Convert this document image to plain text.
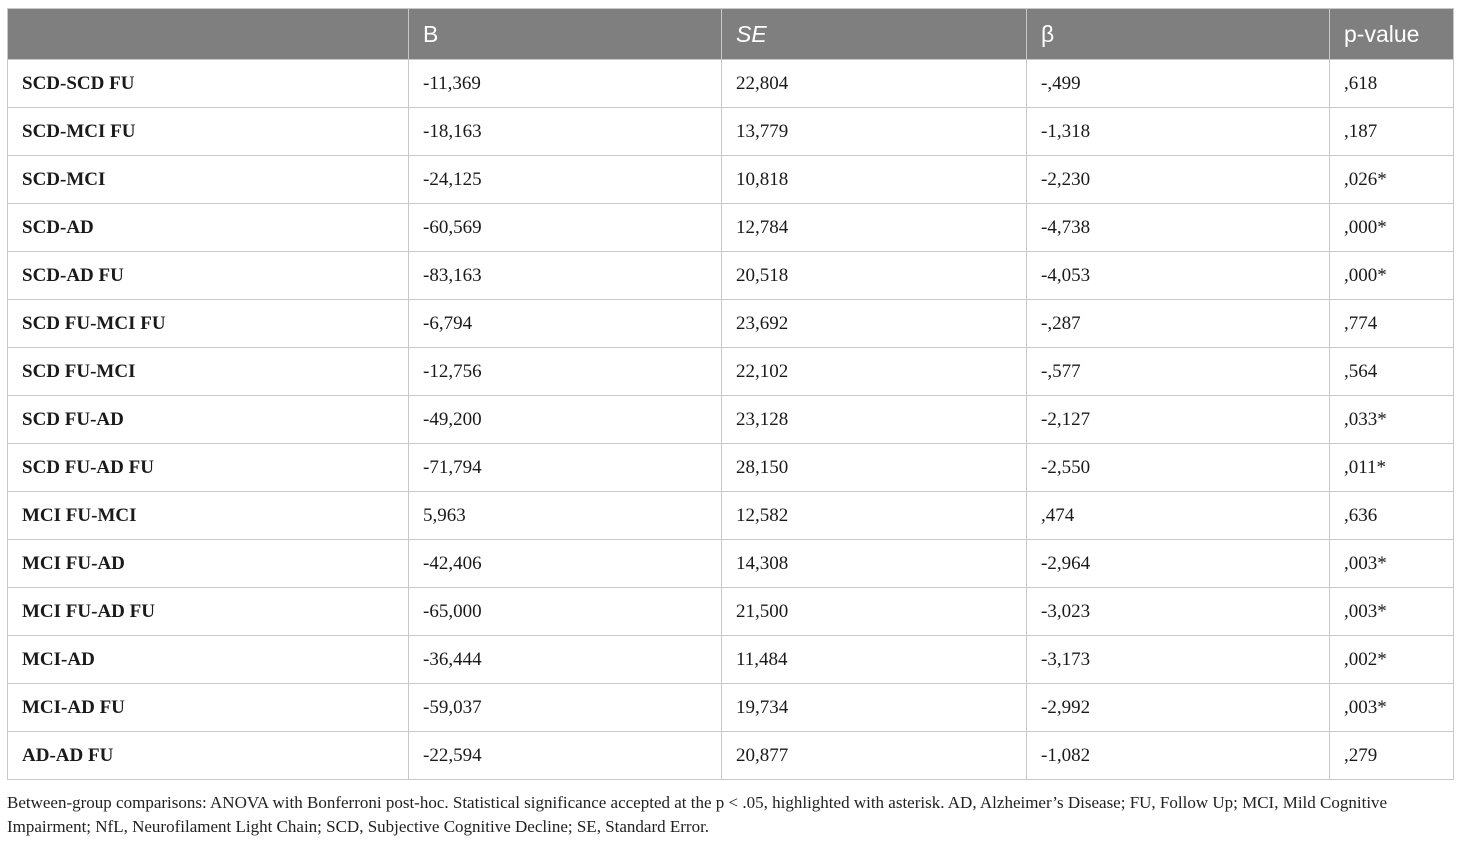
	B	SE	β	p-value
SCD-SCD FU	-11,369	22,804	-,499	,618
SCD-MCI FU	-18,163	13,779	-1,318	,187
SCD-MCI	-24,125	10,818	-2,230	,026*
SCD-AD	-60,569	12,784	-4,738	,000*
SCD-AD FU	-83,163	20,518	-4,053	,000*
SCD FU-MCI FU	-6,794	23,692	-,287	,774
SCD FU-MCI	-12,756	22,102	-,577	,564
SCD FU-AD	-49,200	23,128	-2,127	,033*
SCD FU-AD FU	-71,794	28,150	-2,550	,011*
MCI FU-MCI	5,963	12,582	,474	,636
MCI FU-AD	-42,406	14,308	-2,964	,003*
MCI FU-AD FU	-65,000	21,500	-3,023	,003*
MCI-AD	-36,444	11,484	-3,173	,002*
MCI-AD FU	-59,037	19,734	-2,992	,003*
AD-AD FU	-22,594	20,877	-1,082	,279
Between-group comparisons: ANOVA with Bonferroni post-hoc. Statistical significance accepted at the p < .05, highlighted with asterisk. AD, Alzheimer’s Disease; FU, Follow Up; MCI, Mild Cognitive Impairment; NfL, Neurofilament Light Chain; SCD, Subjective Cognitive Decline; SE, Standard Error.
